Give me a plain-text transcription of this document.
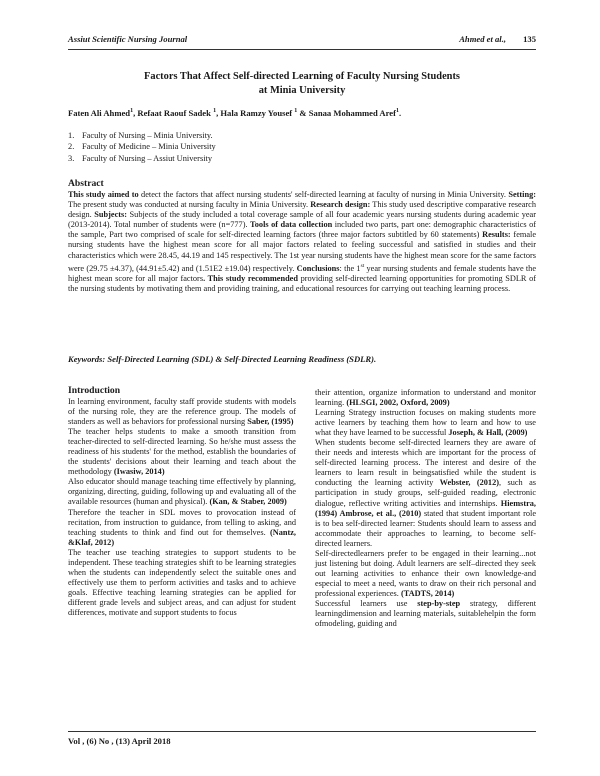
Assiut Scientific Nursing Journal	Ahmed et al., 135
Factors That Affect Self-directed Learning of Faculty Nursing Students
at Minia University
Faten Ali Ahmed$^1$, Refaat Raouf Sadek $^1$, Hala Ramzy Yousef $^1$ & Sanaa Mohammed Aref$^1$.
1. Faculty of Nursing – Minia University.
2. Faculty of Medicine – Minia University
3. Faculty of Nursing – Assiut University
Abstract

This study aimed to detect the factors that affect nursing students' self-directed learning at faculty of nursing in Minia University. Setting: The present study was conducted at nursing faculty in Minia University. Research design: This study used descriptive comparative research design. Subjects: Subjects of the study included a total coverage sample of all four academic years nursing students during academic year (2013-2014). Total number of students were (n=777). Tools of data collection included two parts, part one: demographic characteristics of the sample, Part two comprised of scale for self-directed learning factors (three major factors subtitled by 60 statements) Results: female nursing students have the highest mean score for all major factors related to feeling successful and satisfied in studies and their characteristics which were 28.45, 44.19 and 145 respectively. The 1st year nursing students have the highest mean score for the same factors were (29.75 ±4.37), (44.91±5.42) and (1.51E2 ±19.04) respectively. Conclusions: the 1st year nursing students and female students have the highest mean score for all major factors. This study recommended providing self-directed learning opportunities for promoting SDLR of the nursing students by motivating them and providing training, and educational resources for carrying out teaching learning process.

Keywords: Self-Directed Learning (SDL) & Self-Directed Learning Readiness (SDLR).
Introduction

In learning environment, faculty staff provide students with models of the nursing role, they are the reference group. The models of standers as well as behaviors for professional nursing Saber, (1995)

The teacher helps students to make a smooth transition from teacher-directed to self-directed learning. So he/she must assess the readiness of his students' for the method, establish the boundaries of the students' decisions about their learning and teach about the methodology (Iwasiw, 2014)

Also educator should manage teaching time effectively by planning, organizing, directing, guiding, following up and evaluating all of the available resources (human and physical). (Kan, & Staber, 2009)

Therefore the teacher in SDL moves to provocation instead of recitation, from instruction to guidance, from telling to asking, and teaching students to think and find out for themselves. (Nantz, &Klaf, 2012)

The teacher use teaching strategies to support students to be independent. These teaching strategies shift to be learning strategies when the students can independently select the suitable ones and effectively use them to perform activities and tasks and to achieve goals. Effective teaching learning strategies can be applied for different grade levels and subject areas, and can adjust for student differences, motivate and support students to focus

their attention, organize information to understand and monitor learning. (HLSGI, 2002, Oxford, 2009)

Learning Strategy instruction focuses on making students more active learners by teaching them how to learn and how to use what they have learned to be successful Joseph, & Hall, (2009)

When students become self-directed learners they are aware of their needs and interests which are important for the process of self-directed learning process. The interest and desire of the learners to learn result in beingsatisfied while the student is conducting the learning activity Webster, (2012), such as participation in study groups, self-guided reading, electronic dialogue, reflective writing activities and internships. Hiemstra, (1994) Ambrose, et al., (2010) stated that student important role is to bea self-directed learner: Students should learn to assess and accommodate their approaches to learning, to become self-directed learners.

Self-directedlearners prefer to be engaged in their learning...not just listening but doing. Adult learners are self–directed they seek out learning activities to enhance their own knowledge-and especial to meet a need, wants to draw on their rich personal and professional experiences. (TADTS, 2014)

Successful learners use step-by-step strategy, different learningdimension and learning materials, suitablehelpin the form ofmodeling, guiding and

Vol , (6) No , (13) April 2018
